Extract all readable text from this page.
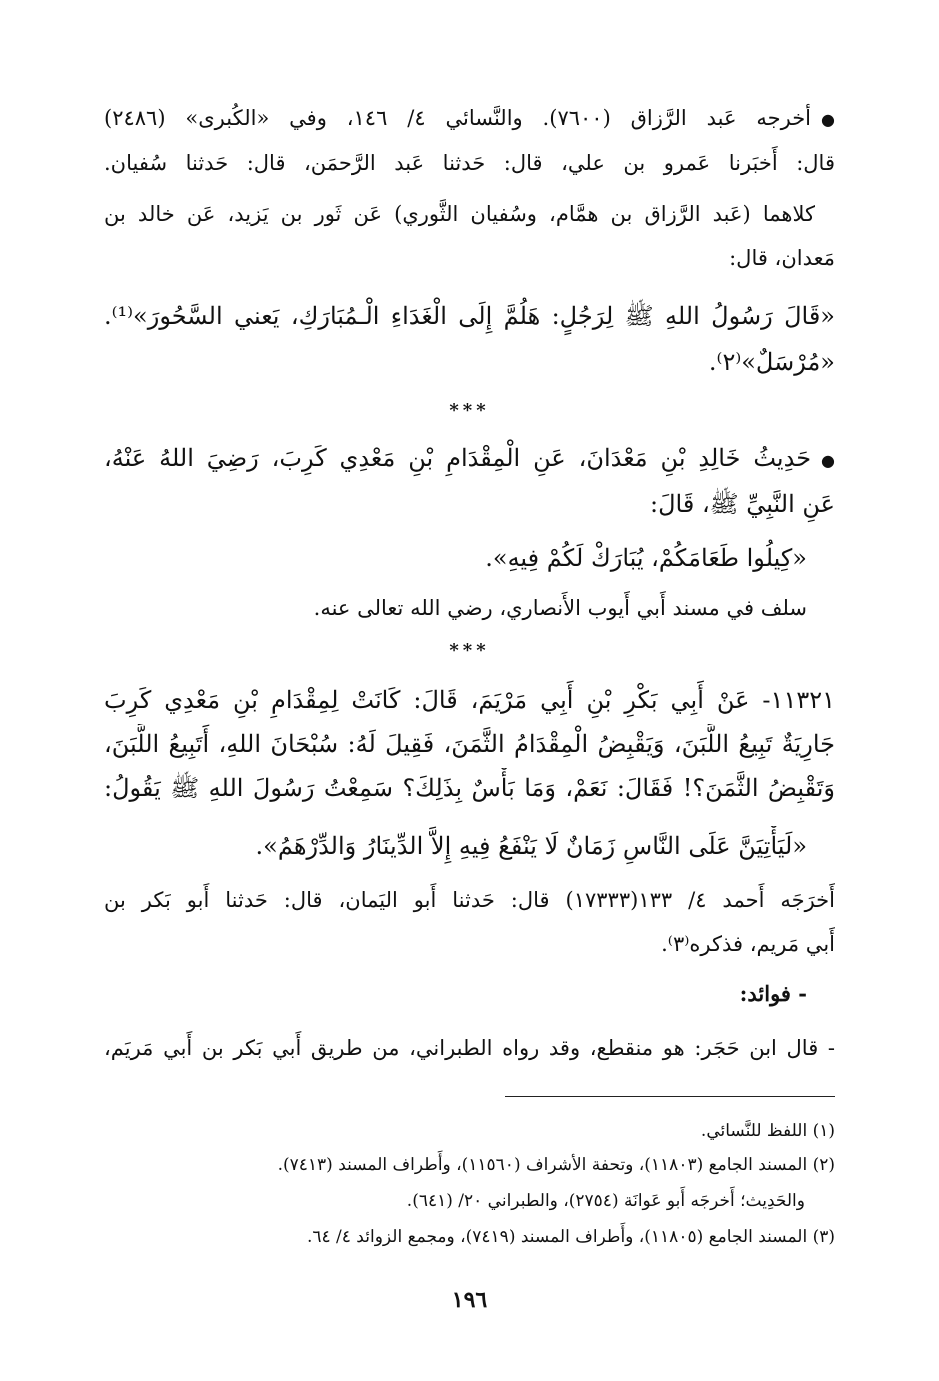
●أخرجه عَبد الرَّزاق (٧٦٠٠). والنَّسائي ٤/ ١٤٦، وفي «الكُبرى» (٢٤٨٦)
قال: أَخبَرنا عَمرو بن علي، قال: حَدثنا عَبد الرَّحمَن، قال: حَدثنا سُفيان.
كلاهما (عَبد الرَّزاق بن همَّام، وسُفيان الثَّوري) عَن ثَور بن يَزيد، عَن خالد بن
مَعدان، قال:
«قَالَ رَسُولُ اللهِ ﷺ لِرَجُلٍ: هَلُمَّ إِلَى الْغَدَاءِ الْـمُبَارَكِ، يَعني السَّحُورَ»⁽¹⁾.
«مُرْسَلٌ»⁽٢⁾.
***
●حَدِيثُ خَالِدِ بْنِ مَعْدَانَ، عَنِ الْمِقْدَامِ بْنِ مَعْدِي كَرِبَ، رَضِيَ اللهُ عَنْهُ،
عَنِ النَّبِيِّ ﷺ، قَالَ:
«كِيلُوا طَعَامَكُمْ، يُبَارَكْ لَكُمْ فِيهِ».
سلف في مسند أَبي أَيوب الأَنصاري، رضي الله تعالى عنه.
***
١١٣٢١- عَنْ أَبِي بَكْرِ بْنِ أَبِي مَرْيَمَ، قَالَ: كَانَتْ لِمِقْدَامِ بْنِ مَعْدِي كَرِبَ
جَارِيَةٌ تَبِيعُ اللَّبَنَ، وَيَقْبِضُ الْمِقْدَامُ الثَّمَنَ، فَقِيلَ لَهُ: سُبْحَانَ اللهِ، أَتَبِيعُ اللَّبَنَ،
وَتَقْبِضُ الثَّمَنَ؟! فَقَالَ: نَعَمْ، وَمَا بَأْسٌ بِذَلِكَ؟ سَمِعْتُ رَسُولَ اللهِ ﷺ يَقُولُ:
«لَيَأْتِيَنَّ عَلَى النَّاسِ زَمَانٌ لَا يَنْفَعُ فِيهِ إِلاَّ الدِّينَارُ وَالدِّرْهَمُ».
أَخرَجَه أَحمد ٤/ ١٣٣(١٧٣٣٣) قال: حَدثنا أَبو اليَمان، قال: حَدثنا أَبو بَكر بن
أَبي مَريم، فذكره⁽٣⁾.
- فوائد:
- قال ابن حَجَر: هو منقطع، وقد رواه الطبراني، من طريق أَبي بَكر بن أَبي مَريَم،
(١) اللفظ للنَّسائي.
(٢) المسند الجامع (١١٨٠٣)، وتحفة الأشراف (١١٥٦٠)، وأَطراف المسند (٧٤١٣).
والحَدِيث؛ أَخرجَه أَبو عَوانَة (٢٧٥٤)، والطبراني ٢٠/ (٦٤١).
(٣) المسند الجامع (١١٨٠٥)، وأَطراف المسند (٧٤١٩)، ومجمع الزوائد ٤/ ٦٤.
١٩٦
